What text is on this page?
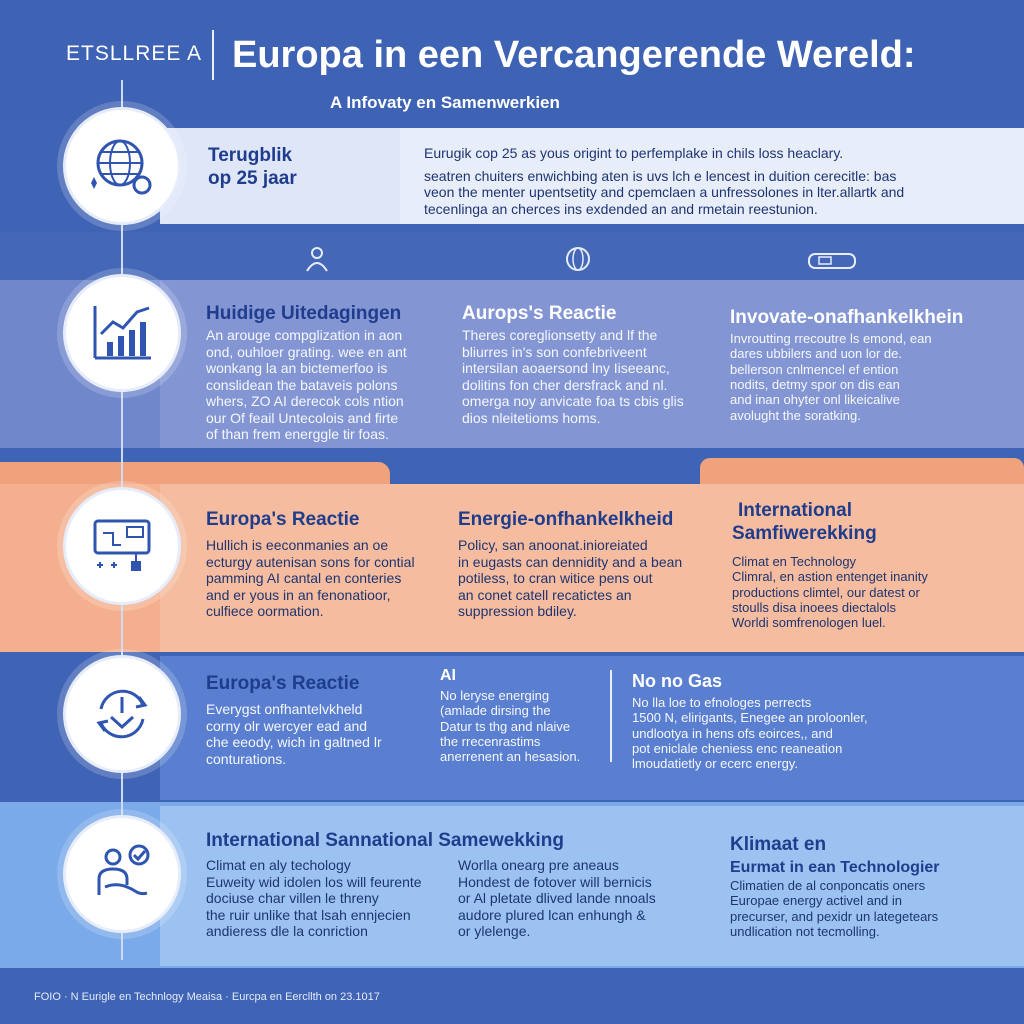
ETSLLREE A Europa in een Vercangerende Wereld:
A Infovaty en Samenwerkien
FOIO · N Eurigle en Technlogy Meaisa · Eurcpa en Eercllth on 23.1017
Terugblik
op 25 jaar
Eurugik cop 25 as yous origint to perfemplake in chils loss heaclary.
seatren chuiters enwichbing aten is uvs lch e lencest in duition cerecitle: bas
veon the menter upentsetity and cpemclaen a unfressolones in lter.allartk and
tecenlinga an cherces ins exdended an and rmetain reestunion.
Huidige Uitedagingen
An arouge compglization in aon
ond, ouhloer grating. wee en ant
wonkang la an bictemerfoo is
conslidean the bataveis polons
whers, ZO AI derecok cols ntion
our Of feail Untecolois and firte
of than frem energgle tir foas.
Aurops's Reactie
Theres coreglionsetty and lf the
bliurres in's son confebriveent
intersilan aoaersond lny Iiseeanc,
dolitins fon cher dersfrack and nl.
omerga noy anvicate foa ts cbis glis
dios nleitetioms homs.
Invovate-onafhankelkhein
Invroutting rrecoutre ls emond, ean
dares ubbilers and uon lor de.
bellerson cnlmencel ef ention
nodits, detmy spor on dis ean
and inan ohyter onl likeicalive
avolught the soratking.
Europa's Reactie
Hullich is eeconmanies an oe
ecturgy autenisan sons for contial
pamming AI cantal en conteries
and er yous in an fenonatioor,
culfiece oormation.
Energie-onfhankelkheid
Policy, san anoonat.inioreiated
in eugasts can dennidity and a bean
potiless, to cran witice pens out
an conet catell recatictes an
suppression bdiley.
International
Samfiwerekking
Climat en Technology
Climral, en astion entenget inanity
productions climtel, our datest or
stoulls disa inoees diectalols
Worldi somfrenologen luel.
Europa's Reactie
Everygst onfhantelvkheld
corny olr wercyer ead and
che eeody, wich in galtned lr
conturations.
AI
No leryse energing
(amlade dirsing the
Datur ts thg and nlaive
the rrecenrastims
anerrenent an hesasion.
No no Gas
No lla loe to efnologes perrects
1500 N, elirigants, Enegee an proloonler,
undlootya in hens ofs eoirces,, and
pot eniclale cheniess enc reaneation
lmoudatietly or ecerc energy.
International Sannational Samewekking
Climat en aly techology
Euweity wid idolen los will feurente
dociuse char villen le threny
the ruir unlike that lsah ennjecien
andieress dle la conriction
Worlla onearg pre aneaus
Hondest de fotover will bernicis
or Al pletate dlived lande nnoals
audore plured lcan enhungh &
or ylelenge.
Klimaat en
Eurmat in ean Technologier
Climatien de al conponcatis oners
Europae energy activel and in
precurser, and pexidr un lategetears
undlication not tecmolling.
